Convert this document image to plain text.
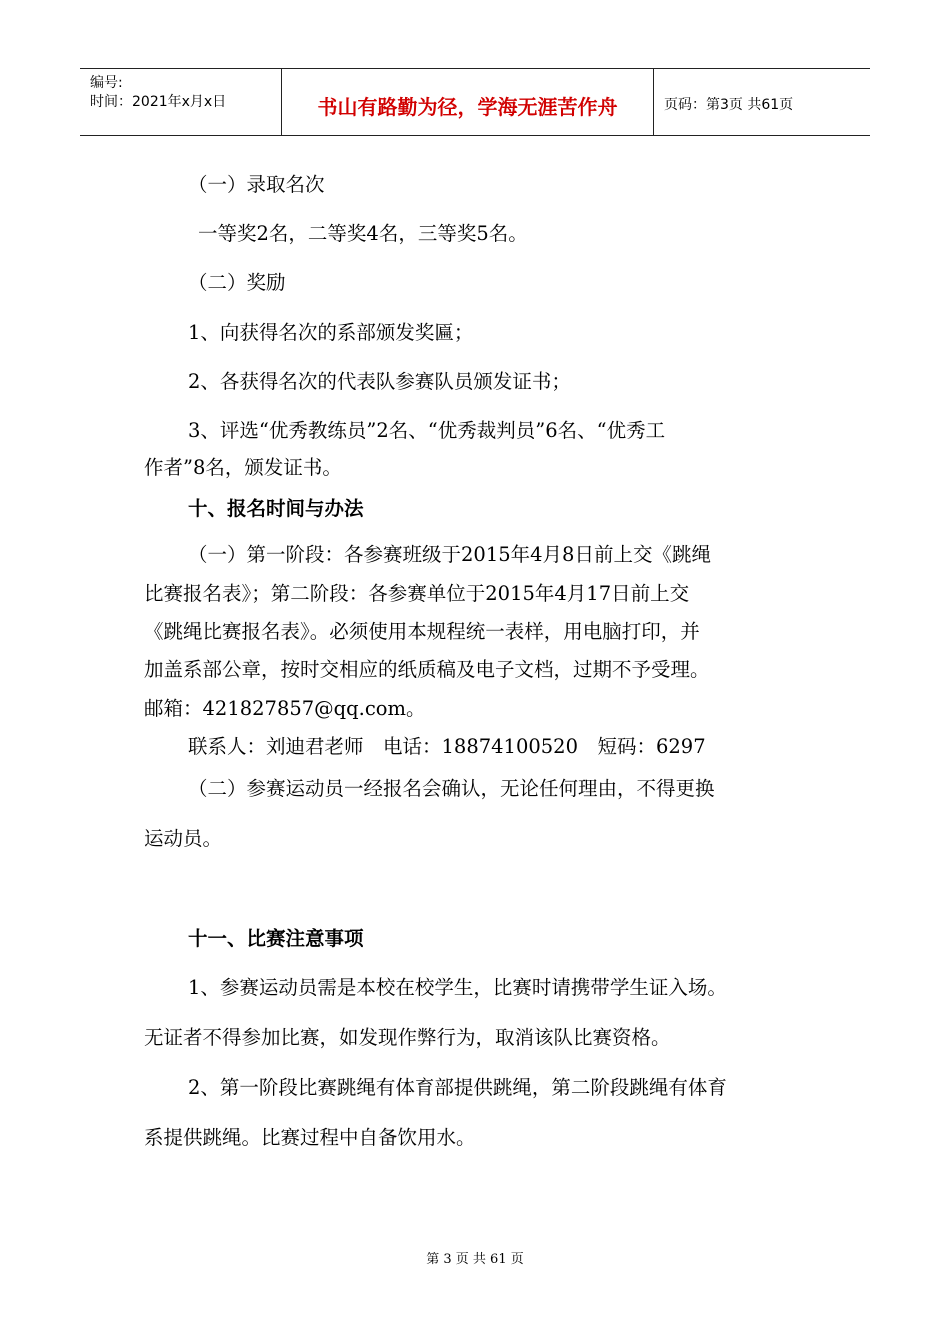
编号:
时间：2021年x月x日	书山有路勤为径，学海无涯苦作舟	页码：第3页 共61页
（一）录取名次
一等奖2名，二等奖4名，三等奖5名。
（二）奖励
1、向获得名次的系部颁发奖匾；
2、各获得名次的代表队参赛队员颁发证书；
3、评选“优秀教练员”2名、“优秀裁判员”6名、“优秀工
作者”8名，颁发证书。
十、报名时间与办法
（一）第一阶段：各参赛班级于2015年4月8日前上交《跳绳
比赛报名表》；第二阶段：各参赛单位于2015年4月17日前上交
《跳绳比赛报名表》。必须使用本规程统一表样，用电脑打印，并
加盖系部公章，按时交相应的纸质稿及电子文档，过期不予受理。
邮箱：421827857@qq.com。
联系人：刘迪君老师　电话：18874100520　短码：6297
（二）参赛运动员一经报名会确认，无论任何理由，不得更换
运动员。
十一、比赛注意事项
1、参赛运动员需是本校在校学生，比赛时请携带学生证入场。
无证者不得参加比赛，如发现作弊行为，取消该队比赛资格。
2、第一阶段比赛跳绳有体育部提供跳绳，第二阶段跳绳有体育
系提供跳绳。比赛过程中自备饮用水。
第 3 页 共 61 页
